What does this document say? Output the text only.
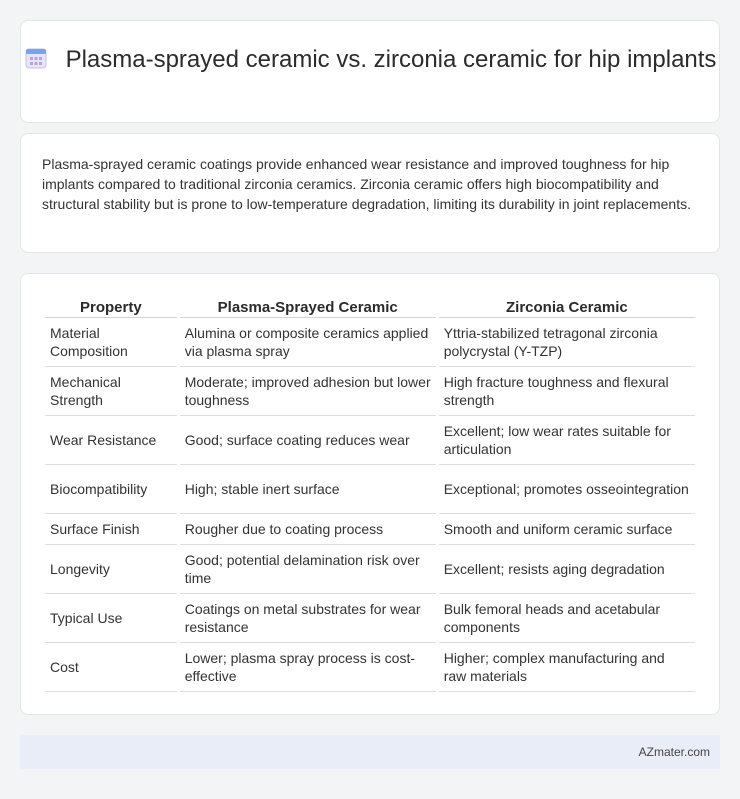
Plasma-sprayed ceramic vs. zirconia ceramic for hip implants

Plasma-sprayed ceramic coatings provide enhanced wear resistance and improved toughness for hip implants compared to traditional zirconia ceramics. Zirconia ceramic offers high biocompatibility and structural stability but is prone to low-temperature degradation, limiting its durability in joint replacements.

Property	Plasma-Sprayed Ceramic	Zirconia Ceramic
Material Composition	Alumina or composite ceramics applied via plasma spray	Yttria-stabilized tetragonal zirconia polycrystal (Y-TZP)
Mechanical Strength	Moderate; improved adhesion but lower toughness	High fracture toughness and flexural strength
Wear Resistance	Good; surface coating reduces wear	Excellent; low wear rates suitable for articulation
Biocompatibility	High; stable inert surface	Exceptional; promotes osseointegration
Surface Finish	Rougher due to coating process	Smooth and uniform ceramic surface
Longevity	Good; potential delamination risk over time	Excellent; resists aging degradation
Typical Use	Coatings on metal substrates for wear resistance	Bulk femoral heads and acetabular components
Cost	Lower; plasma spray process is cost-effective	Higher; complex manufacturing and raw materials
AZmater.com
